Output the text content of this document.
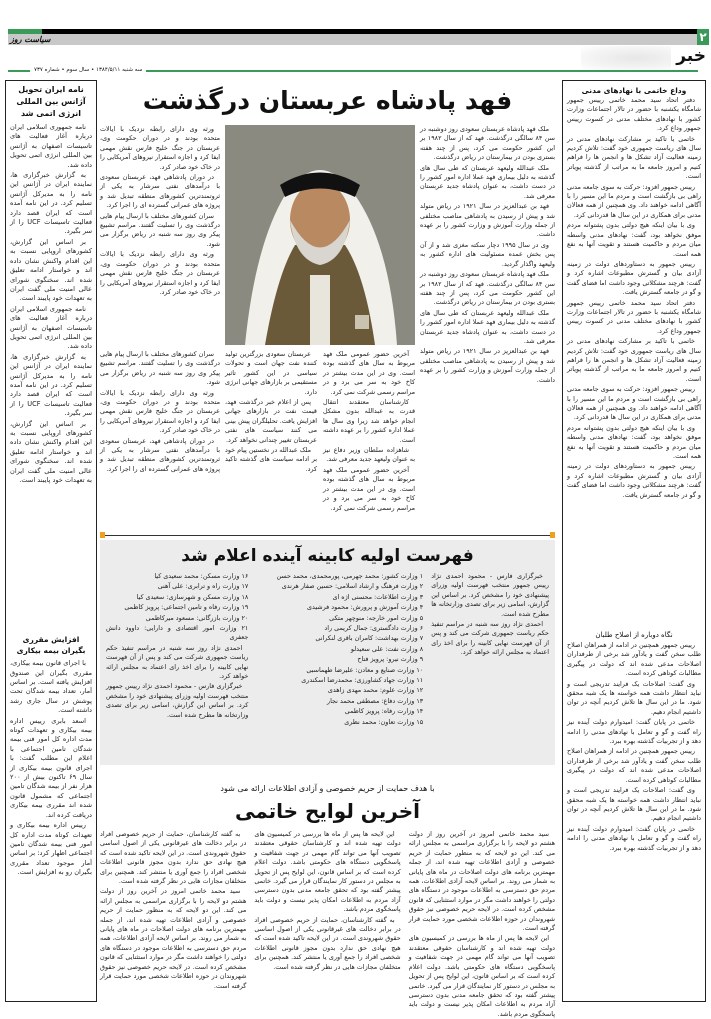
۲
سیاست روز
خبر
سه شنبه ۱۳۸۴/۵/۱۱ • سال سوم • شماره ۷۳۷
وداع خاتمی با نهادهای مدنی

دفتر اتحاد سید محمد خاتمی رییس جمهور شامگاه یکشنبه با حضور در تالار اجتماعات وزارت کشور با نهادهای مختلف مدنی در کسوت رییس جمهور وداع کرد.

خاتمی با تاکید بر مشارکت نهادهای مدنی در سال های ریاست جمهوری خود گفت: تلاش کردیم زمینه فعالیت آزاد تشکل ها و انجمن ها را فراهم کنیم و امروز جامعه ما به مراتب از گذشته پویاتر است.

رییس جمهور افزود: حرکت به سوی جامعه مدنی راهی بی بازگشت است و مردم ما این مسیر را با آگاهی ادامه خواهند داد. وی همچنین از همه فعالان مدنی برای همکاری در این سال ها قدردانی کرد.

وی با بیان اینکه هیچ دولتی بدون پشتوانه مردم موفق نخواهد بود، گفت: نهادهای مدنی واسطه میان مردم و حاکمیت هستند و تقویت آنها به نفع همه است.

رییس جمهور به دستاوردهای دولت در زمینه آزادی بیان و گسترش مطبوعات اشاره کرد و گفت: هرچند مشکلاتی وجود داشت اما فضای گفت و گو در جامعه گسترش یافت.

دفتر اتحاد سید محمد خاتمی رییس جمهور شامگاه یکشنبه با حضور در تالار اجتماعات وزارت کشور با نهادهای مختلف مدنی در کسوت رییس جمهور وداع کرد.

خاتمی با تاکید بر مشارکت نهادهای مدنی در سال های ریاست جمهوری خود گفت: تلاش کردیم زمینه فعالیت آزاد تشکل ها و انجمن ها را فراهم کنیم و امروز جامعه ما به مراتب از گذشته پویاتر است.

رییس جمهور افزود: حرکت به سوی جامعه مدنی راهی بی بازگشت است و مردم ما این مسیر را با آگاهی ادامه خواهند داد. وی همچنین از همه فعالان مدنی برای همکاری در این سال ها قدردانی کرد.

وی با بیان اینکه هیچ دولتی بدون پشتوانه مردم موفق نخواهد بود، گفت: نهادهای مدنی واسطه میان مردم و حاکمیت هستند و تقویت آنها به نفع همه است.

رییس جمهور به دستاوردهای دولت در زمینه آزادی بیان و گسترش مطبوعات اشاره کرد و گفت: هرچند مشکلاتی وجود داشت اما فضای گفت و گو در جامعه گسترش یافت.

نگاه دوباره از اصلاح طلبان

رییس جمهور همچنین در ادامه از همراهان اصلاح طلب سخن گفت و یادآور شد برخی از طرفداران اصلاحات مدعی شده اند که دولت در پیگیری مطالبات کوتاهی کرده است.

وی گفت: اصلاحات یک فرایند تدریجی است و نباید انتظار داشت همه خواسته ها یک شبه محقق شود. ما در این سال ها تلاش کردیم آنچه در توان داشتیم انجام دهیم.

خاتمی در پایان گفت: امیدوارم دولت آینده نیز راه گفت و گو و تعامل با نهادهای مدنی را ادامه دهد و از تجربیات گذشته بهره ببرد.

رییس جمهور همچنین در ادامه از همراهان اصلاح طلب سخن گفت و یادآور شد برخی از طرفداران اصلاحات مدعی شده اند که دولت در پیگیری مطالبات کوتاهی کرده است.

وی گفت: اصلاحات یک فرایند تدریجی است و نباید انتظار داشت همه خواسته ها یک شبه محقق شود. ما در این سال ها تلاش کردیم آنچه در توان داشتیم انجام دهیم.

خاتمی در پایان گفت: امیدوارم دولت آینده نیز راه گفت و گو و تعامل با نهادهای مدنی را ادامه دهد و از تجربیات گذشته بهره ببرد.

نامه ایران تحویل آژانس بین المللی انرژی اتمی شد

نامه جمهوری اسلامی ایران درباره آغاز فعالیت های تاسیسات اصفهان به آژانس بین المللی انرژی اتمی تحویل داده شد.

به گزارش خبرگزاری ها، نماینده ایران در آژانس این نامه را به مدیرکل آژانس تسلیم کرد. در این نامه آمده است که ایران قصد دارد فعالیت تاسیسات UCF را از سر بگیرد.

بر اساس این گزارش، کشورهای اروپایی نسبت به این اقدام واکنش نشان داده اند و خواستار ادامه تعلیق شده اند. سخنگوی شورای عالی امنیت ملی گفت ایران به تعهدات خود پایبند است.

نامه جمهوری اسلامی ایران درباره آغاز فعالیت های تاسیسات اصفهان به آژانس بین المللی انرژی اتمی تحویل داده شد.

به گزارش خبرگزاری ها، نماینده ایران در آژانس این نامه را به مدیرکل آژانس تسلیم کرد. در این نامه آمده است که ایران قصد دارد فعالیت تاسیسات UCF را از سر بگیرد.

بر اساس این گزارش، کشورهای اروپایی نسبت به این اقدام واکنش نشان داده اند و خواستار ادامه تعلیق شده اند. سخنگوی شورای عالی امنیت ملی گفت ایران به تعهدات خود پایبند است.

افزایش مقرری بگیران بیمه بیکاری

با اجرای قانون بیمه بیکاری، مقرری بگیران این صندوق افزایش یافته است. بر اساس آمار، تعداد بیمه شدگان تحت پوشش در سال جاری رشد داشته است.

اسعد بابری رییس اداره بیمه بیکاری و تعهدات کوتاه مدت اداره کل امور فنی بیمه شدگان تامین اجتماعی با اعلام این مطلب گفت: با اجرای قانون بیمه بیکاری از سال ۶۹ تاکنون بیش از ۲۰۰ هزار نفر از بیمه شدگان تامین اجتماعی که مشمول قانون شده اند مقرری بیمه بیکاری دریافت کرده اند.

رییس اداره بیمه بیکاری و تعهدات کوتاه مدت اداره کل امور فنی بیمه شدگان تامین اجتماعی اظهار کرد: بر اساس آمار موجود تعداد مقرری بگیران رو به افزایش است.

فهد پادشاه عربستان درگذشت

ملک فهد پادشاه عربستان سعودی روز دوشنبه در سن ۸۴ سالگی درگذشت. فهد که از سال ۱۹۸۲ بر این کشور حکومت می کرد، پس از چند هفته بستری بودن در بیمارستان در ریاض درگذشت.

ملک عبدالله ولیعهد عربستان که طی سال های گذشته به دلیل بیماری فهد عملا اداره امور کشور را در دست داشت، به عنوان پادشاه جدید عربستان معرفی شد.

فهد بن عبدالعزیز در سال ۱۹۲۱ در ریاض متولد شد و پیش از رسیدن به پادشاهی مناصب مختلفی از جمله وزارت آموزش و وزارت کشور را بر عهده داشت.

وی در سال ۱۹۹۵ دچار سکته مغزی شد و از آن پس بخش عمده مسئولیت های اداره کشور به ولیعهد واگذار گردید.

ملک فهد پادشاه عربستان سعودی روز دوشنبه در سن ۸۴ سالگی درگذشت. فهد که از سال ۱۹۸۲ بر این کشور حکومت می کرد، پس از چند هفته بستری بودن در بیمارستان در ریاض درگذشت.

ملک عبدالله ولیعهد عربستان که طی سال های گذشته به دلیل بیماری فهد عملا اداره امور کشور را در دست داشت، به عنوان پادشاه جدید عربستان معرفی شد.

فهد بن عبدالعزیز در سال ۱۹۲۱ در ریاض متولد شد و پیش از رسیدن به پادشاهی مناصب مختلفی از جمله وزارت آموزش و وزارت کشور را بر عهده داشت.

ورثه وی دارای رابطه نزدیک با ایالات متحده بودند و در دوران حکومت وی، عربستان در جنگ خلیج فارس نقش مهمی ایفا کرد و اجازه استقرار نیروهای آمریکایی را در خاک خود صادر کرد.

در دوران پادشاهی فهد، عربستان سعودی با درآمدهای نفتی سرشار به یکی از ثروتمندترین کشورهای منطقه تبدیل شد و پروژه های عمرانی گسترده ای را اجرا کرد.

سران کشورهای مختلف با ارسال پیام هایی درگذشت وی را تسلیت گفتند. مراسم تشییع پیکر وی روز سه شنبه در ریاض برگزار می شود.

ورثه وی دارای رابطه نزدیک با ایالات متحده بودند و در دوران حکومت وی، عربستان در جنگ خلیج فارس نقش مهمی ایفا کرد و اجازه استقرار نیروهای آمریکایی را در خاک خود صادر کرد.

آخرین حضور عمومی ملک فهد مربوط به سال های گذشته بوده است. وی در این مدت بیشتر در کاخ خود به سر می برد و در مراسم رسمی شرکت نمی کرد.

کارشناسان معتقدند انتقال قدرت به عبدالله بدون مشکل انجام خواهد شد زیرا وی سال ها عملا اداره کشور را بر عهده داشته است.

شاهزاده سلطان وزیر دفاع نیز به عنوان ولیعهد جدید معرفی شد.

آخرین حضور عمومی ملک فهد مربوط به سال های گذشته بوده است. وی در این مدت بیشتر در کاخ خود به سر می برد و در مراسم رسمی شرکت نمی کرد.

عربستان سعودی بزرگترین تولید کننده نفت جهان است و تحولات سیاسی در این کشور تاثیر مستقیمی بر بازارهای جهانی انرژی دارد.

پس از اعلام خبر درگذشت فهد، قیمت نفت در بازارهای جهانی افزایش یافت. تحلیلگران پیش بینی می کنند سیاست های نفتی عربستان تغییر چندانی نخواهد کرد.

ملک عبدالله در نخستین پیام خود بر ادامه سیاست های گذشته تاکید کرد.

سران کشورهای مختلف با ارسال پیام هایی درگذشت وی را تسلیت گفتند. مراسم تشییع پیکر وی روز سه شنبه در ریاض برگزار می شود.

ورثه وی دارای رابطه نزدیک با ایالات متحده بودند و در دوران حکومت وی، عربستان در جنگ خلیج فارس نقش مهمی ایفا کرد و اجازه استقرار نیروهای آمریکایی را در خاک خود صادر کرد.

در دوران پادشاهی فهد، عربستان سعودی با درآمدهای نفتی سرشار به یکی از ثروتمندترین کشورهای منطقه تبدیل شد و پروژه های عمرانی گسترده ای را اجرا کرد.

فهرست اولیه کابینه آینده اعلام شد

خبرگزاری فارس - محمود احمدی نژاد رییس جمهور منتخب فهرست اولیه وزرای پیشنهادی خود را مشخص کرد. بر اساس این گزارش، اسامی زیر برای تصدی وزارتخانه ها مطرح شده است.

احمدی نژاد روز سه شنبه در مراسم تنفیذ حکم ریاست جمهوری شرکت می کند و پس از آن فهرست نهایی کابینه را برای اخذ رای اعتماد به مجلس ارائه خواهد کرد.

۱ وزارت کشور: محمد جهرمی، پورمحمدی، محمد حسن
۲ وزارت فرهنگ و ارشاد اسلامی: حسین صفار هرندی
۳ وزارت اطلاعات: محسنی اژه ای
۴ وزارت آموزش و پرورش: محمود فرشیدی
۵ وزارت امور خارجه: منوچهر متکی
۶ وزارت دادگستری: جمال کریمی راد
۷ وزارت بهداشت: کامران باقری لنکرانی
۸ وزارت نفت: علی سعیدلو
۹ وزارت نیرو: پرویز فتاح
۱۰ وزارت صنایع و معادن: علیرضا طهماسبی
۱۱ وزارت جهاد کشاورزی: محمدرضا اسکندری
۱۲ وزارت علوم: محمد مهدی زاهدی
۱۳ وزارت دفاع: مصطفی محمد نجار
۱۴ وزارت رفاه: پرویز کاظمی
۱۵ وزارت تعاون: محمد نظری
۱۶ وزارت مسکن: محمد سعیدی کیا
۱۷ وزارت راه و ترابری: علی آهنی
۱۸ وزارت مسکن و شهرسازی: سعیدی کیا
۱۹ وزارت رفاه و تامین اجتماعی: پرویز کاظمی
۲۰ وزارت بازرگانی: مسعود میرکاظمی
۲۱ وزارت امور اقتصادی و دارایی: داوود دانش جعفری

احمدی نژاد روز سه شنبه در مراسم تنفیذ حکم ریاست جمهوری شرکت می کند و پس از آن فهرست نهایی کابینه را برای اخذ رای اعتماد به مجلس ارائه خواهد کرد.

خبرگزاری فارس - محمود احمدی نژاد رییس جمهور منتخب فهرست اولیه وزرای پیشنهادی خود را مشخص کرد. بر اساس این گزارش، اسامی زیر برای تصدی وزارتخانه ها مطرح شده است.

با هدف حمایت از حریم خصوصی و آزادی اطلاعات ارائه می شود
آخرین لوایح خاتمی

سید محمد خاتمی امروز در آخرین روز از دولت هشتم دو لایحه را با برگزاری مراسمی به مجلس ارائه می کند. این دو لایحه که به منظور حمایت از حریم خصوصی و آزادی اطلاعات تهیه شده اند، از جمله مهمترین برنامه های دولت اصلاحات در ماه های پایانی به شمار می روند. بر اساس لایحه آزادی اطلاعات، همه مردم حق دسترسی به اطلاعات موجود در دستگاه های دولتی را خواهند داشت مگر در موارد استثنایی که قانون مشخص کرده است. در لایحه حریم خصوصی نیز حقوق شهروندان در حوزه اطلاعات شخصی مورد حمایت قرار گرفته است.

این لایحه ها پس از ماه ها بررسی در کمیسیون های دولت تهیه شده اند و کارشناسان حقوقی معتقدند تصویب آنها می تواند گام مهمی در جهت شفافیت و پاسخگویی دستگاه های حکومتی باشد. دولت اعلام کرده است که بر اساس قانون، این لوایح پس از تحویل به مجلس در دستور کار نمایندگان قرار می گیرد. خاتمی پیشتر گفته بود که تحقق جامعه مدنی بدون دسترسی آزاد مردم به اطلاعات امکان پذیر نیست و دولت باید پاسخگوی مردم باشد.

این لایحه ها پس از ماه ها بررسی در کمیسیون های دولت تهیه شده اند و کارشناسان حقوقی معتقدند تصویب آنها می تواند گام مهمی در جهت شفافیت و پاسخگویی دستگاه های حکومتی باشد. دولت اعلام کرده است که بر اساس قانون، این لوایح پس از تحویل به مجلس در دستور کار نمایندگان قرار می گیرد. خاتمی پیشتر گفته بود که تحقق جامعه مدنی بدون دسترسی آزاد مردم به اطلاعات امکان پذیر نیست و دولت باید پاسخگوی مردم باشد.

به گفته کارشناسان، حمایت از حریم خصوصی افراد در برابر دخالت های غیرقانونی یکی از اصول اساسی حقوق شهروندی است. در این لایحه تاکید شده است که هیچ نهادی حق ندارد بدون مجوز قانونی اطلاعات شخصی افراد را جمع آوری یا منتشر کند. همچنین برای متخلفان مجازات هایی در نظر گرفته شده است.

به گفته کارشناسان، حمایت از حریم خصوصی افراد در برابر دخالت های غیرقانونی یکی از اصول اساسی حقوق شهروندی است. در این لایحه تاکید شده است که هیچ نهادی حق ندارد بدون مجوز قانونی اطلاعات شخصی افراد را جمع آوری یا منتشر کند. همچنین برای متخلفان مجازات هایی در نظر گرفته شده است.

سید محمد خاتمی امروز در آخرین روز از دولت هشتم دو لایحه را با برگزاری مراسمی به مجلس ارائه می کند. این دو لایحه که به منظور حمایت از حریم خصوصی و آزادی اطلاعات تهیه شده اند، از جمله مهمترین برنامه های دولت اصلاحات در ماه های پایانی به شمار می روند. بر اساس لایحه آزادی اطلاعات، همه مردم حق دسترسی به اطلاعات موجود در دستگاه های دولتی را خواهند داشت مگر در موارد استثنایی که قانون مشخص کرده است. در لایحه حریم خصوصی نیز حقوق شهروندان در حوزه اطلاعات شخصی مورد حمایت قرار گرفته است.
